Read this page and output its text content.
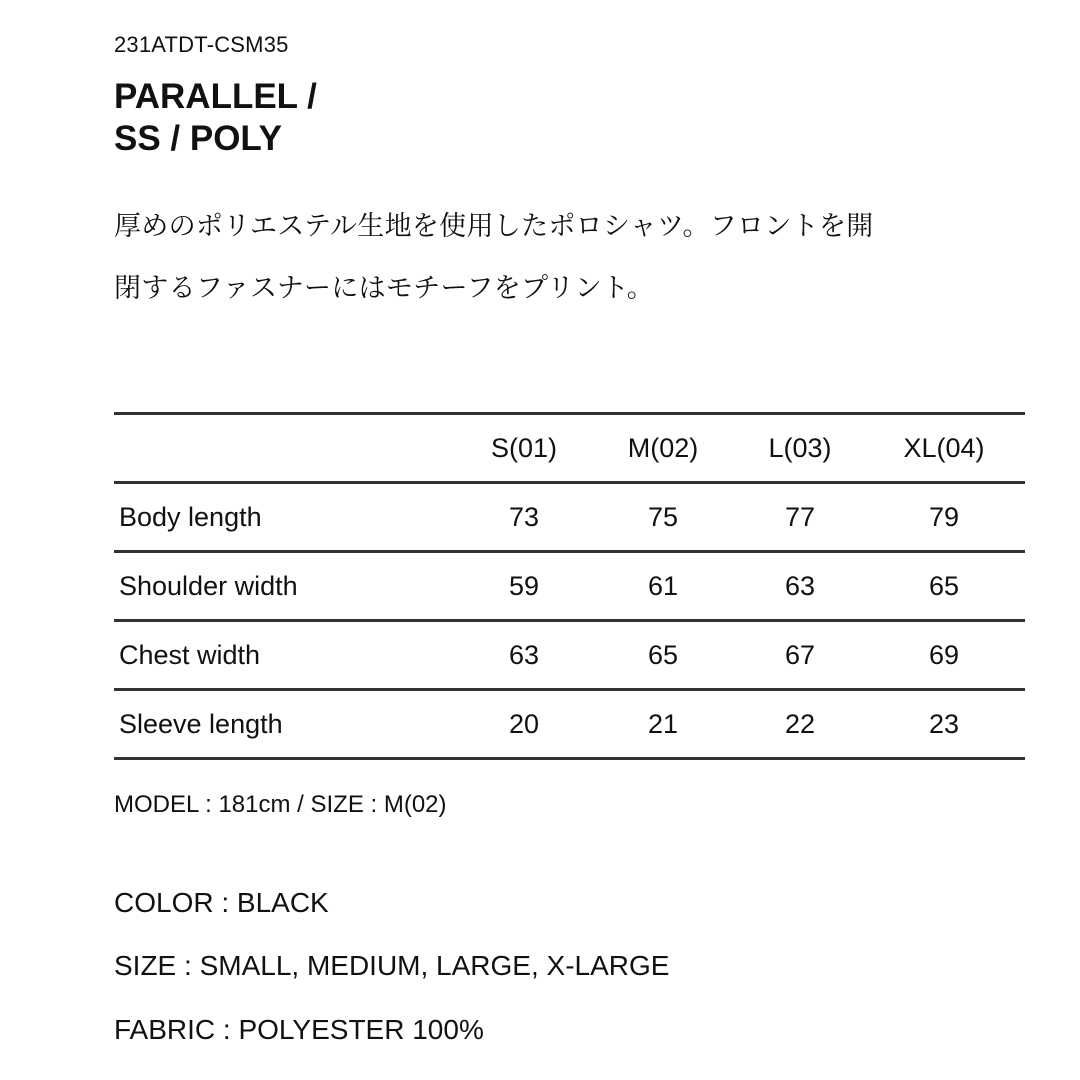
231ATDT-CSM35
PARALLEL /
SS / POLY
厚めのポリエステル生地を使用したポロシャツ。フロントを開
閉するファスナーにはモチーフをプリント。
	S(01)	M(02)	L(03)	XL(04)
Body length	73	75	77	79
Shoulder width	59	61	63	65
Chest width	63	65	67	69
Sleeve length	20	21	22	23
MODEL : 181cm / SIZE : M(02)
COLOR : BLACK
SIZE : SMALL, MEDIUM, LARGE, X-LARGE
FABRIC : POLYESTER 100%
